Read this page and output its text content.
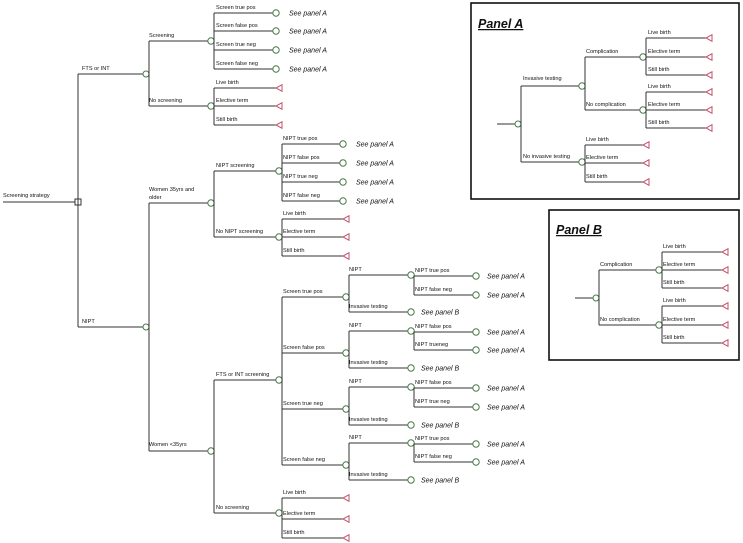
Screening strategy
FTS or INT
NIPT
Screening
No screening
Screen true pos
See panel A
Screen false pos
See panel A
Screen true neg
See panel A
Screen false neg
See panel A
Live birth
Elective term
Still birth
Women 35yrs and
older
Women <35yrs
NIPT screening
No NIPT screening
NIPT true pos
See panel A
NIPT false pos
See panel A
NIPT true neg
See panel A
NIPT false neg
See panel A
Live birth
Elective term
Still birth
FTS or INT screening
No screening
Screen true pos
NIPT
Invasive testing
See panel B
NIPT true pos
See panel A
NIPT false neg
See panel A
Screen false pos
NIPT
Invasive testing
See panel B
NIPT false pos
See panel A
NIPT trueneg
See panel A
Screen true neg
NIPT
Invasive testing
See panel B
NIPT false pos
See panel A
NIPT true neg
See panel A
Screen false neg
NIPT
Invasive testing
See panel B
NIPT true pos
See panel A
NIPT false neg
See panel A
Live birth
Elective term
Still birth
Panel A
Invasive testing
No invasive testing
Complication
No complication
Live birth
Elective term
Still birth
Live birth
Elective term
Still birth
Live birth
Elective term
Still birth
Panel B
Complication
No complication
Live birth
Elective term
Still birth
Live birth
Elective term
Still birth
